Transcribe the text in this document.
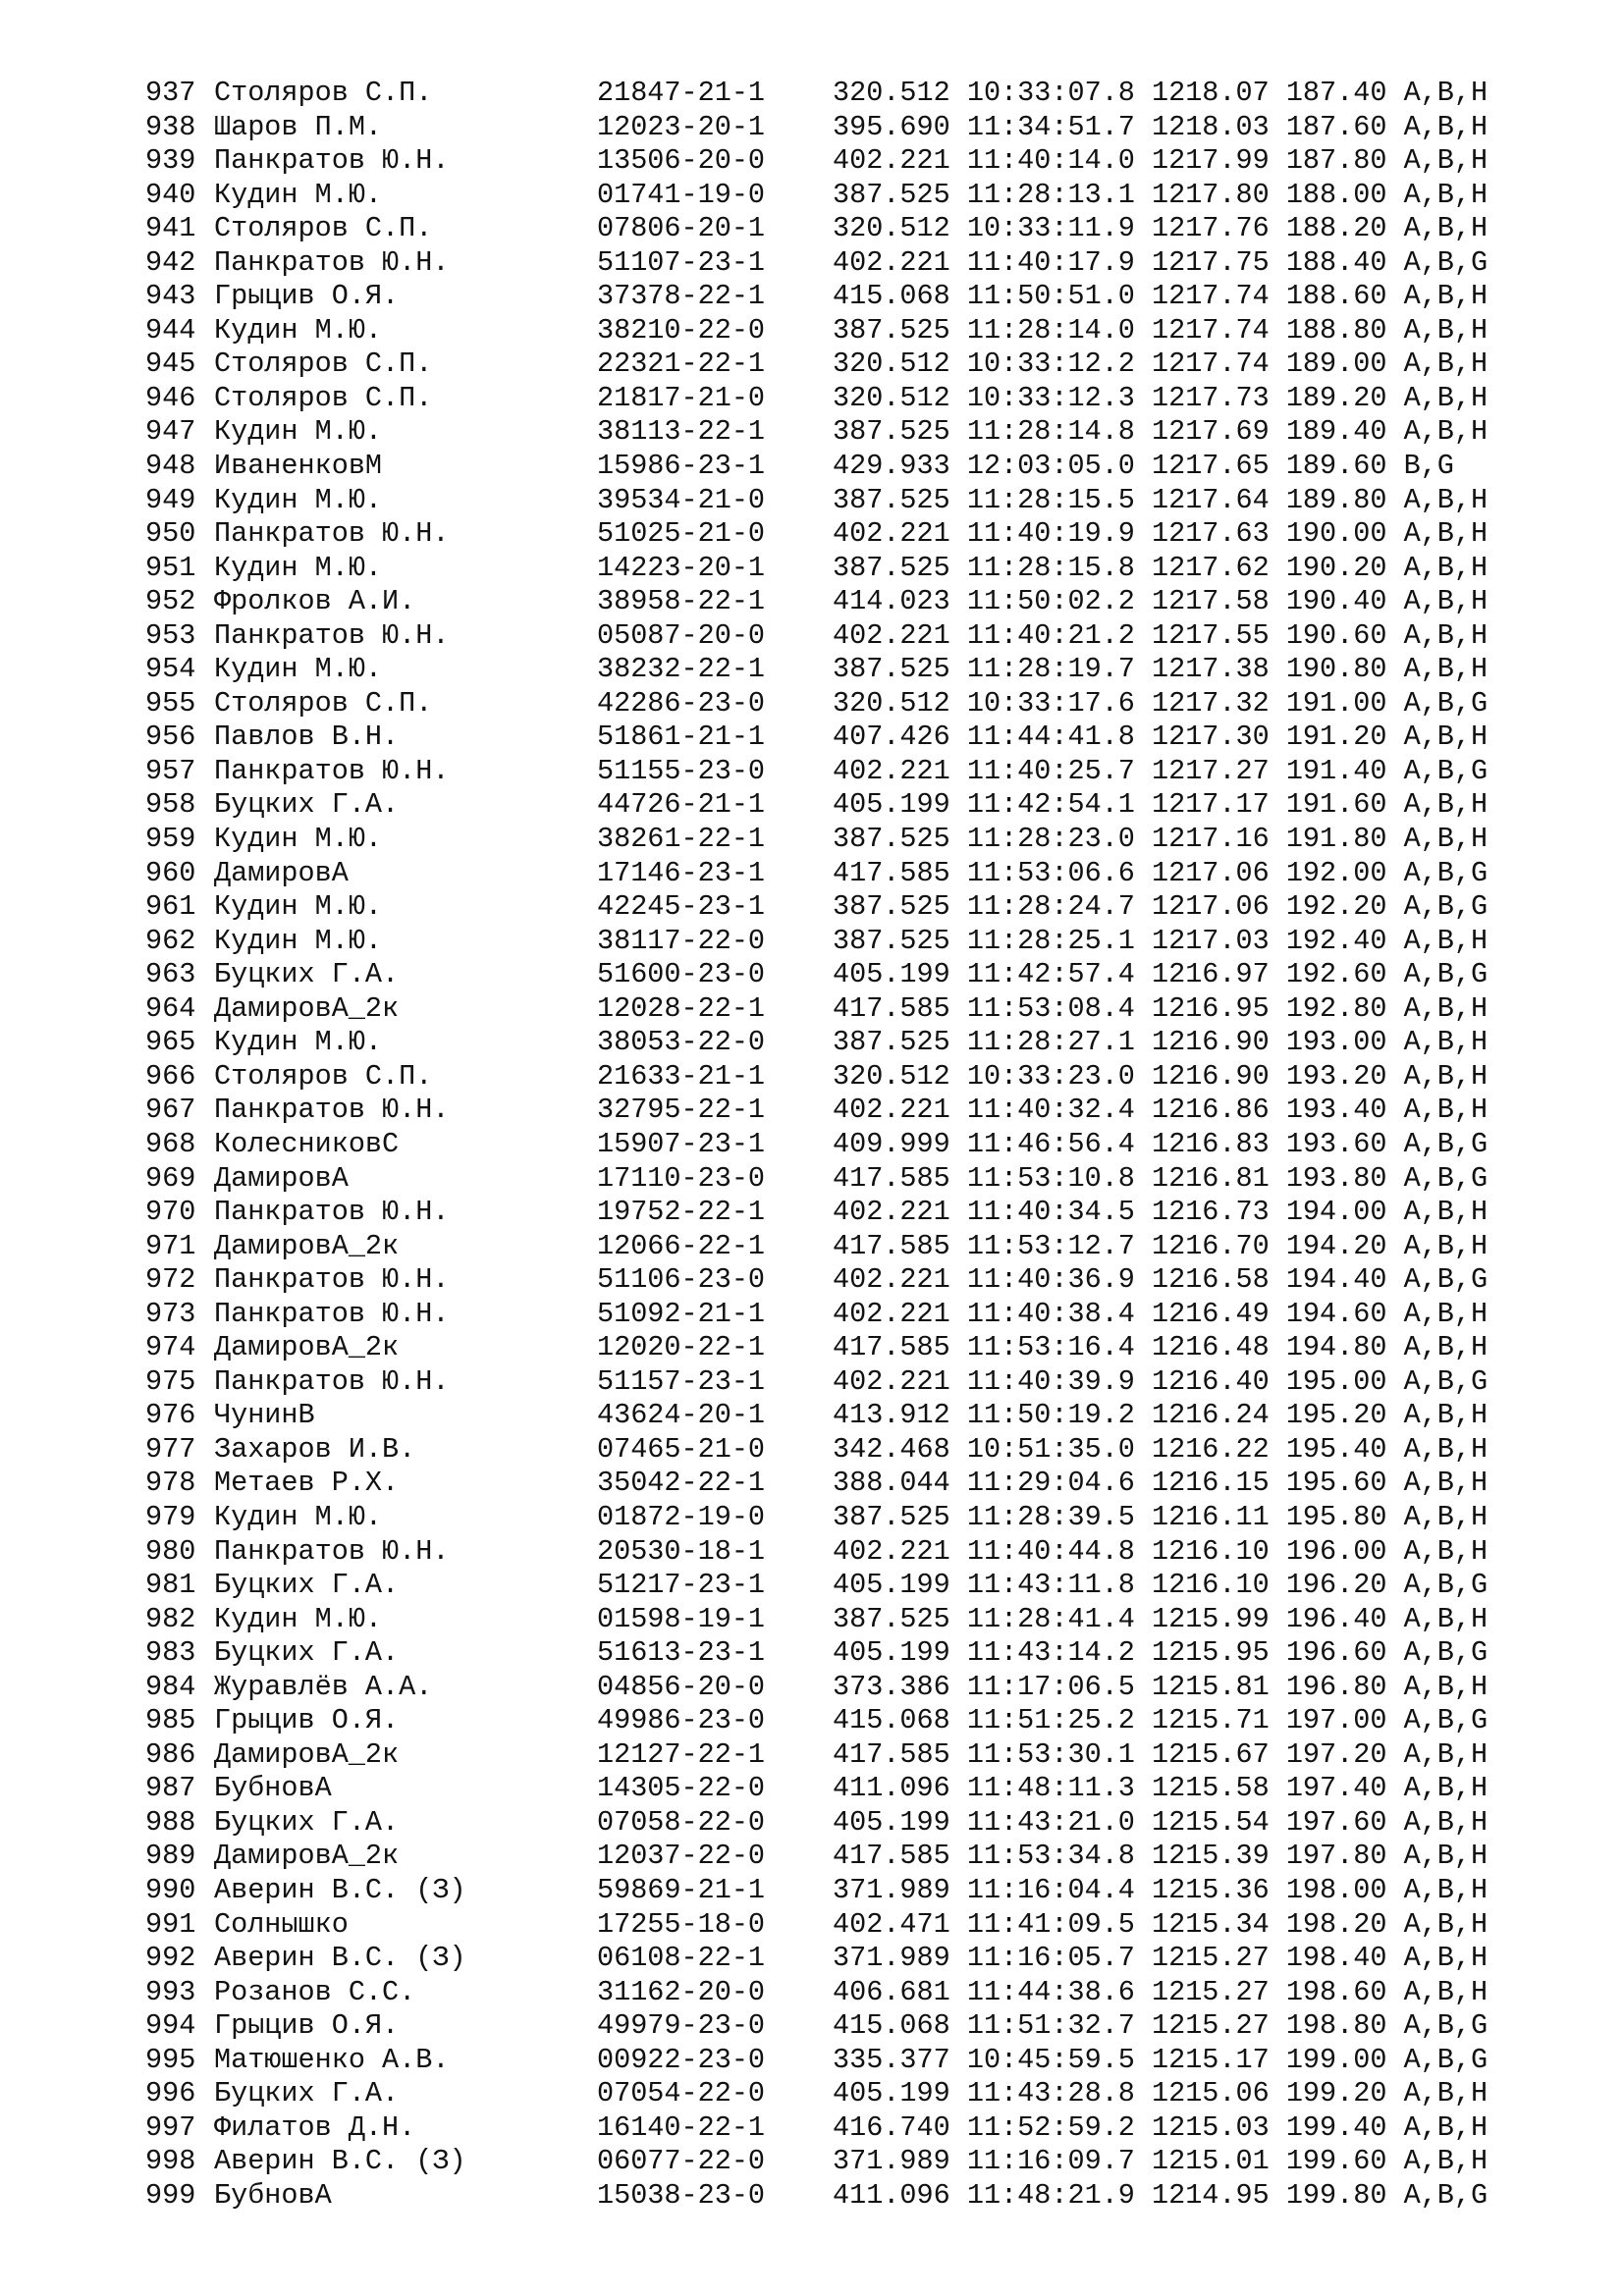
937 Столяров С.П.	21847-21-1 320.512 10:33:07.8 1218.07 187.40 A,B,H
938 Шаров П.М.	12023-20-1 395.690 11:34:51.7 1218.03 187.60 A,B,H
939 Панкратов Ю.Н.	13506-20-0 402.221 11:40:14.0 1217.99 187.80 A,B,H
940 Кудин М.Ю.	01741-19-0 387.525 11:28:13.1 1217.80 188.00 A,B,H
941 Столяров С.П.	07806-20-1 320.512 10:33:11.9 1217.76 188.20 A,B,H
942 Панкратов Ю.Н.	51107-23-1 402.221 11:40:17.9 1217.75 188.40 A,B,G
943 Грыцив О.Я.	37378-22-1 415.068 11:50:51.0 1217.74 188.60 A,B,H
944 Кудин М.Ю.	38210-22-0 387.525 11:28:14.0 1217.74 188.80 A,B,H
945 Столяров С.П.	22321-22-1 320.512 10:33:12.2 1217.74 189.00 A,B,H
946 Столяров С.П.	21817-21-0 320.512 10:33:12.3 1217.73 189.20 A,B,H
947 Кудин М.Ю.	38113-22-1 387.525 11:28:14.8 1217.69 189.40 A,B,H
948 ИваненковМ	15986-23-1 429.933 12:03:05.0 1217.65 189.60 B,G
949 Кудин М.Ю.	39534-21-0 387.525 11:28:15.5 1217.64 189.80 A,B,H
950 Панкратов Ю.Н.	51025-21-0 402.221 11:40:19.9 1217.63 190.00 A,B,H
951 Кудин М.Ю.	14223-20-1 387.525 11:28:15.8 1217.62 190.20 A,B,H
952 Фролков А.И.	38958-22-1 414.023 11:50:02.2 1217.58 190.40 A,B,H
953 Панкратов Ю.Н.	05087-20-0 402.221 11:40:21.2 1217.55 190.60 A,B,H
954 Кудин М.Ю.	38232-22-1 387.525 11:28:19.7 1217.38 190.80 A,B,H
955 Столяров С.П.	42286-23-0 320.512 10:33:17.6 1217.32 191.00 A,B,G
956 Павлов В.Н.	51861-21-1 407.426 11:44:41.8 1217.30 191.20 A,B,H
957 Панкратов Ю.Н.	51155-23-0 402.221 11:40:25.7 1217.27 191.40 A,B,G
958 Буцких Г.А.	44726-21-1 405.199 11:42:54.1 1217.17 191.60 A,B,H
959 Кудин М.Ю.	38261-22-1 387.525 11:28:23.0 1217.16 191.80 A,B,H
960 ДамировА	17146-23-1 417.585 11:53:06.6 1217.06 192.00 A,B,G
961 Кудин М.Ю.	42245-23-1 387.525 11:28:24.7 1217.06 192.20 A,B,G
962 Кудин М.Ю.	38117-22-0 387.525 11:28:25.1 1217.03 192.40 A,B,H
963 Буцких Г.А.	51600-23-0 405.199 11:42:57.4 1216.97 192.60 A,B,G
964 ДамировА_2к	12028-22-1 417.585 11:53:08.4 1216.95 192.80 A,B,H
965 Кудин М.Ю.	38053-22-0 387.525 11:28:27.1 1216.90 193.00 A,B,H
966 Столяров С.П.	21633-21-1 320.512 10:33:23.0 1216.90 193.20 A,B,H
967 Панкратов Ю.Н.	32795-22-1 402.221 11:40:32.4 1216.86 193.40 A,B,H
968 КолесниковС	15907-23-1 409.999 11:46:56.4 1216.83 193.60 A,B,G
969 ДамировА	17110-23-0 417.585 11:53:10.8 1216.81 193.80 A,B,G
970 Панкратов Ю.Н.	19752-22-1 402.221 11:40:34.5 1216.73 194.00 A,B,H
971 ДамировА_2к	12066-22-1 417.585 11:53:12.7 1216.70 194.20 A,B,H
972 Панкратов Ю.Н.	51106-23-0 402.221 11:40:36.9 1216.58 194.40 A,B,G
973 Панкратов Ю.Н.	51092-21-1 402.221 11:40:38.4 1216.49 194.60 A,B,H
974 ДамировА_2к	12020-22-1 417.585 11:53:16.4 1216.48 194.80 A,B,H
975 Панкратов Ю.Н.	51157-23-1 402.221 11:40:39.9 1216.40 195.00 A,B,G
976 ЧунинВ	43624-20-1 413.912 11:50:19.2 1216.24 195.20 A,B,H
977 Захаров И.В.	07465-21-0 342.468 10:51:35.0 1216.22 195.40 A,B,H
978 Метаев Р.Х.	35042-22-1 388.044 11:29:04.6 1216.15 195.60 A,B,H
979 Кудин М.Ю.	01872-19-0 387.525 11:28:39.5 1216.11 195.80 A,B,H
980 Панкратов Ю.Н.	20530-18-1 402.221 11:40:44.8 1216.10 196.00 A,B,H
981 Буцких Г.А.	51217-23-1 405.199 11:43:11.8 1216.10 196.20 A,B,G
982 Кудин М.Ю.	01598-19-1 387.525 11:28:41.4 1215.99 196.40 A,B,H
983 Буцких Г.А.	51613-23-1 405.199 11:43:14.2 1215.95 196.60 A,B,G
984 Журавлёв А.А.	04856-20-0 373.386 11:17:06.5 1215.81 196.80 A,B,H
985 Грыцив О.Я.	49986-23-0 415.068 11:51:25.2 1215.71 197.00 A,B,G
986 ДамировА_2к	12127-22-1 417.585 11:53:30.1 1215.67 197.20 A,B,H
987 БубновА	14305-22-0 411.096 11:48:11.3 1215.58 197.40 A,B,H
988 Буцких Г.А.	07058-22-0 405.199 11:43:21.0 1215.54 197.60 A,B,H
989 ДамировА_2к	12037-22-0 417.585 11:53:34.8 1215.39 197.80 A,B,H
990 Аверин В.С. (З)	59869-21-1 371.989 11:16:04.4 1215.36 198.00 A,B,H
991 Солнышко	17255-18-0 402.471 11:41:09.5 1215.34 198.20 A,B,H
992 Аверин В.С. (З)	06108-22-1 371.989 11:16:05.7 1215.27 198.40 A,B,H
993 Розанов С.С.	31162-20-0 406.681 11:44:38.6 1215.27 198.60 A,B,H
994 Грыцив О.Я.	49979-23-0 415.068 11:51:32.7 1215.27 198.80 A,B,G
995 Матюшенко А.В.	00922-23-0 335.377 10:45:59.5 1215.17 199.00 A,B,G
996 Буцких Г.А.	07054-22-0 405.199 11:43:28.8 1215.06 199.20 A,B,H
997 Филатов Д.Н.	16140-22-1 416.740 11:52:59.2 1215.03 199.40 A,B,H
998 Аверин В.С. (З)	06077-22-0 371.989 11:16:09.7 1215.01 199.60 A,B,H
999 БубновА	15038-23-0 411.096 11:48:21.9 1214.95 199.80 A,B,G
